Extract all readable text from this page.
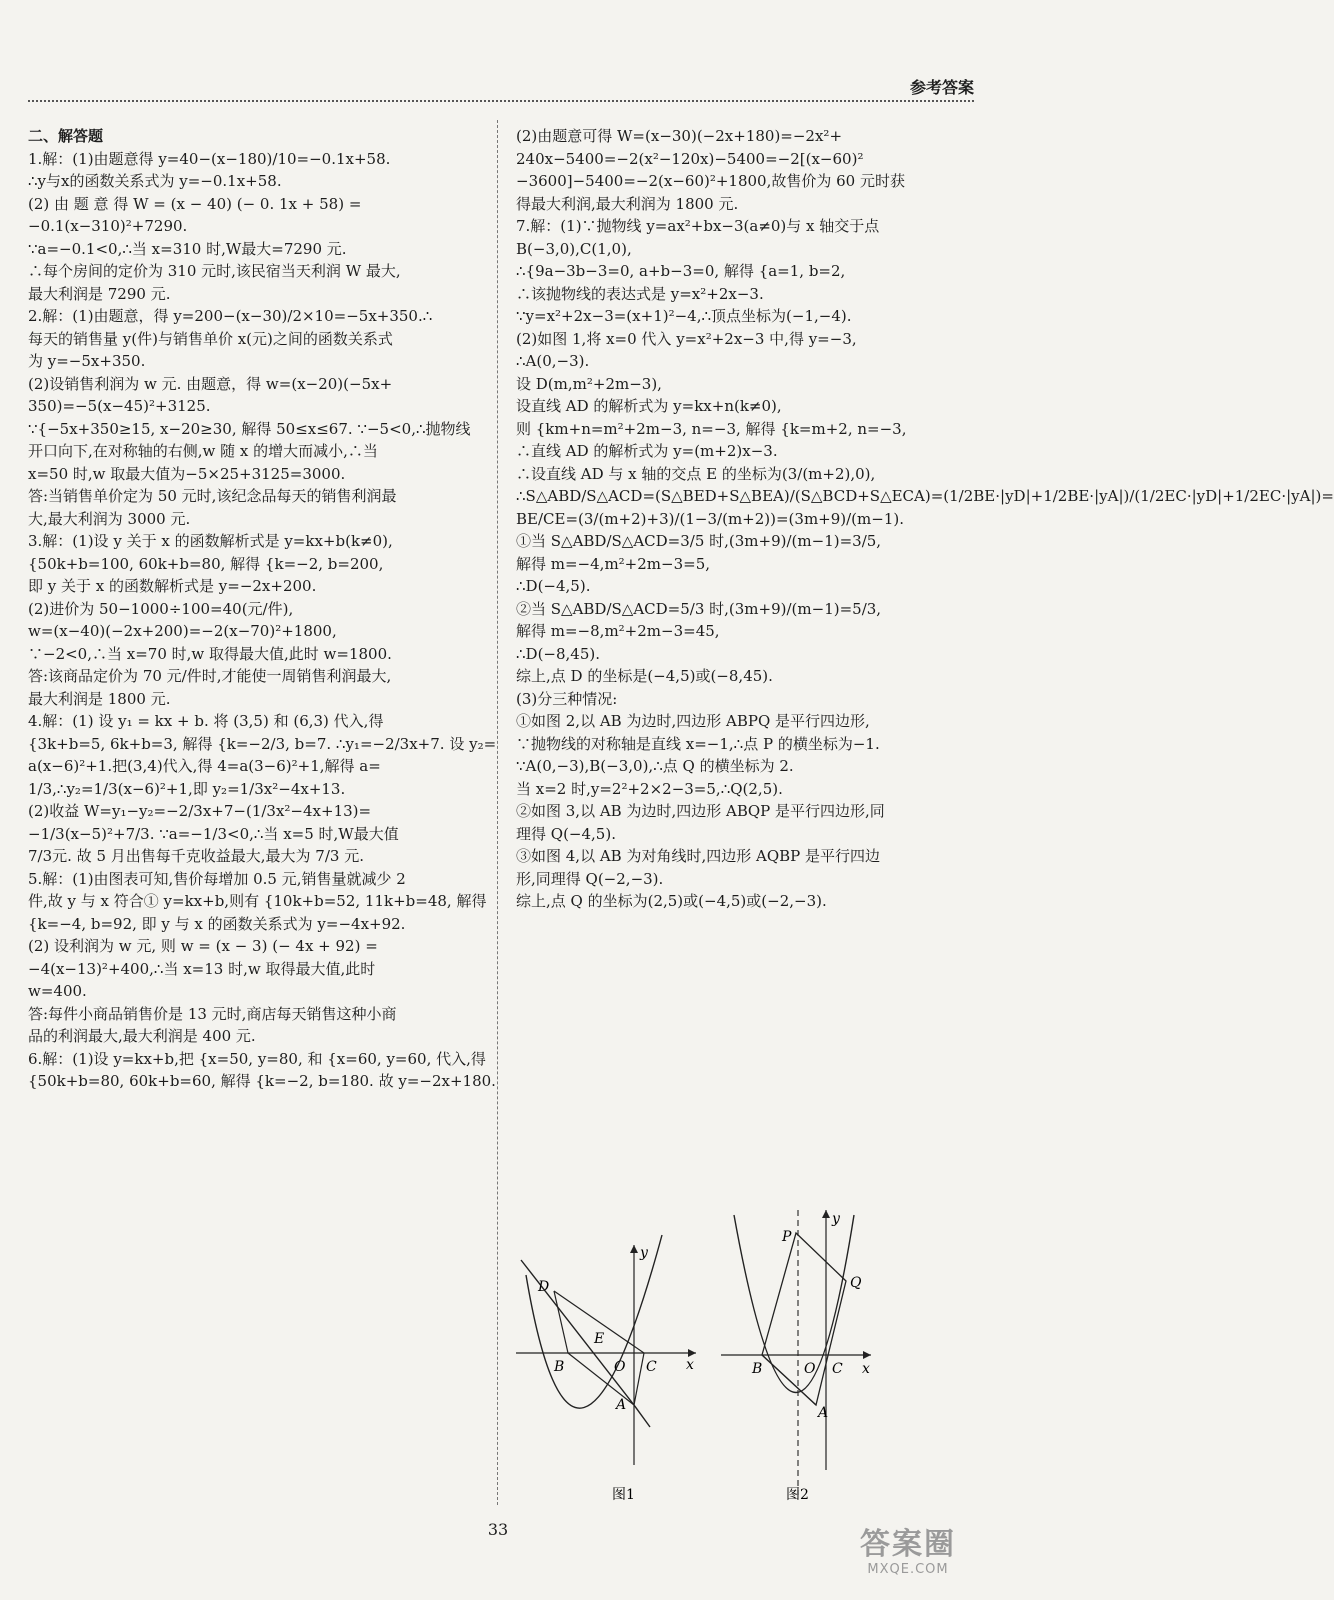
参考答案
二、解答题
1.解：(1)由题意得 y=40−(x−180)/10=−0.1x+58.
∴y与x的函数关系式为 y=−0.1x+58.
(2) 由 题 意 得 W = (x − 40) (− 0. 1x + 58) =
−0.1(x−310)²+7290.
∵a=−0.1<0,∴当 x=310 时,W最大=7290 元.
∴每个房间的定价为 310 元时,该民宿当天利润 W 最大,
最大利润是 7290 元.
2.解：(1)由题意，得 y=200−(x−30)/2×10=−5x+350.∴
每天的销售量 y(件)与销售单价 x(元)之间的函数关系式
为 y=−5x+350.
(2)设销售利润为 w 元. 由题意，得 w=(x−20)(−5x+
350)=−5(x−45)²+3125.
∵{−5x+350≥15, x−20≥30, 解得 50≤x≤67. ∵−5<0,∴抛物线
开口向下,在对称轴的右侧,w 随 x 的增大而减小,∴当
x=50 时,w 取最大值为−5×25+3125=3000.
答:当销售单价定为 50 元时,该纪念品每天的销售利润最
大,最大利润为 3000 元.
3.解：(1)设 y 关于 x 的函数解析式是 y=kx+b(k≠0),
{50k+b=100, 60k+b=80, 解得 {k=−2, b=200,
即 y 关于 x 的函数解析式是 y=−2x+200.
(2)进价为 50−1000÷100=40(元/件),
w=(x−40)(−2x+200)=−2(x−70)²+1800,
∵−2<0,∴当 x=70 时,w 取得最大值,此时 w=1800.
答:该商品定价为 70 元/件时,才能使一周销售利润最大,
最大利润是 1800 元.
4.解：(1) 设 y₁ = kx + b. 将 (3,5) 和 (6,3) 代入,得
{3k+b=5, 6k+b=3, 解得 {k=−2/3, b=7. ∴y₁=−2/3x+7. 设 y₂=
a(x−6)²+1.把(3,4)代入,得 4=a(3−6)²+1,解得 a=
1/3,∴y₂=1/3(x−6)²+1,即 y₂=1/3x²−4x+13.
(2)收益 W=y₁−y₂=−2/3x+7−(1/3x²−4x+13)=
−1/3(x−5)²+7/3. ∵a=−1/3<0,∴当 x=5 时,W最大值
7/3元. 故 5 月出售每千克收益最大,最大为 7/3 元.
5.解：(1)由图表可知,售价每增加 0.5 元,销售量就减少 2
件,故 y 与 x 符合① y=kx+b,则有 {10k+b=52, 11k+b=48, 解得
{k=−4, b=92, 即 y 与 x 的函数关系式为 y=−4x+92.
(2) 设利润为 w 元, 则 w = (x − 3) (− 4x + 92) =
−4(x−13)²+400,∴当 x=13 时,w 取得最大值,此时
w=400.
答:每件小商品销售价是 13 元时,商店每天销售这种小商
品的利润最大,最大利润是 400 元.
6.解：(1)设 y=kx+b,把 {x=50, y=80, 和 {x=60, y=60, 代入,得
{50k+b=80, 60k+b=60, 解得 {k=−2, b=180. 故 y=−2x+180.
(2)由题意可得 W=(x−30)(−2x+180)=−2x²+
240x−5400=−2(x²−120x)−5400=−2[(x−60)²
−3600]−5400=−2(x−60)²+1800,故售价为 60 元时获
得最大利润,最大利润为 1800 元.
7.解：(1)∵抛物线 y=ax²+bx−3(a≠0)与 x 轴交于点
B(−3,0),C(1,0),
∴{9a−3b−3=0, a+b−3=0, 解得 {a=1, b=2,
∴该抛物线的表达式是 y=x²+2x−3.
∵y=x²+2x−3=(x+1)²−4,∴顶点坐标为(−1,−4).
(2)如图 1,将 x=0 代入 y=x²+2x−3 中,得 y=−3,
∴A(0,−3).
设 D(m,m²+2m−3),
设直线 AD 的解析式为 y=kx+n(k≠0),
则 {km+n=m²+2m−3, n=−3, 解得 {k=m+2, n=−3,
∴直线 AD 的解析式为 y=(m+2)x−3.
∴设直线 AD 与 x 轴的交点 E 的坐标为(3/(m+2),0),
∴S△ABD/S△ACD=(S△BED+S△BEA)/(S△BCD+S△ECA)=(1/2BE·|yD|+1/2BE·|yA|)/(1/2EC·|yD|+1/2EC·|yA|)=
BE/CE=(3/(m+2)+3)/(1−3/(m+2))=(3m+9)/(m−1).
①当 S△ABD/S△ACD=3/5 时,(3m+9)/(m−1)=3/5,
解得 m=−4,m²+2m−3=5,
∴D(−4,5).
②当 S△ABD/S△ACD=5/3 时,(3m+9)/(m−1)=5/3,
解得 m=−8,m²+2m−3=45,
∴D(−8,45).
综上,点 D 的坐标是(−4,5)或(−8,45).
(3)分三种情况:
①如图 2,以 AB 为边时,四边形 ABPQ 是平行四边形,
∵抛物线的对称轴是直线 x=−1,∴点 P 的横坐标为−1.
∵A(0,−3),B(−3,0),∴点 Q 的横坐标为 2.
当 x=2 时,y=2²+2×2−3=5,∴Q(2,5).
②如图 3,以 AB 为边时,四边形 ABQP 是平行四边形,同
理得 Q(−4,5).
③如图 4,以 AB 为对角线时,四边形 AQBP 是平行四边
形,同理得 Q(−2,−3).
综上,点 Q 的坐标为(2,5)或(−4,5)或(−2,−3).
D
E
B	O C
A
x
y
图1
P
Q
B	O C
A
x
y
图2
33	答案圈
MXQE.COM
